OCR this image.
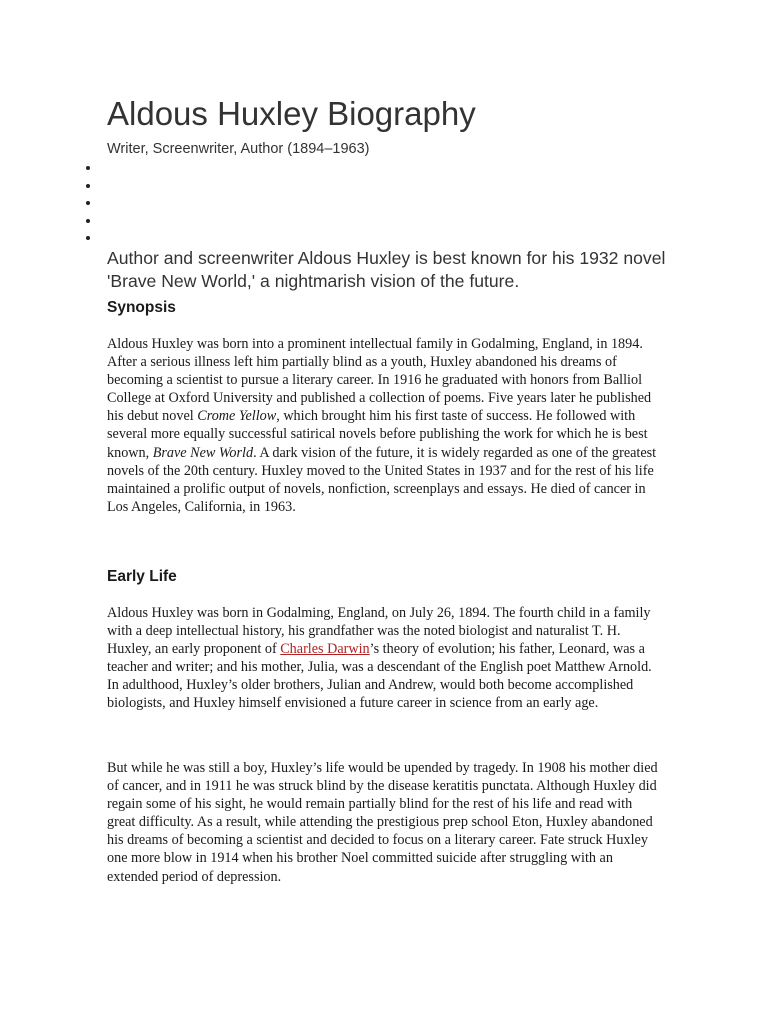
Aldous Huxley Biography

Writer, Screenwriter, Author (1894–1963)

Author and screenwriter Aldous Huxley is best known for his 1932 novel 'Brave New World,' a nightmarish vision of the future.

Synopsis

Aldous Huxley was born into a prominent intellectual family in Godalming, England, in 1894. After a serious illness left him partially blind as a youth, Huxley abandoned his dreams of becoming a scientist to pursue a literary career. In 1916 he graduated with honors from Balliol College at Oxford University and published a collection of poems. Five years later he published his debut novel Crome Yellow, which brought him his first taste of success. He followed with several more equally successful satirical novels before publishing the work for which he is best known, Brave New World. A dark vision of the future, it is widely regarded as one of the greatest novels of the 20th century. Huxley moved to the United States in 1937 and for the rest of his life maintained a prolific output of novels, nonfiction, screenplays and essays. He died of cancer in Los Angeles, California, in 1963.

Early Life

Aldous Huxley was born in Godalming, England, on July 26, 1894. The fourth child in a family with a deep intellectual history, his grandfather was the noted biologist and naturalist T. H. Huxley, an early proponent of Charles Darwin’s theory of evolution; his father, Leonard, was a teacher and writer; and his mother, Julia, was a descendant of the English poet Matthew Arnold. In adulthood, Huxley’s older brothers, Julian and Andrew, would both become accomplished biologists, and Huxley himself envisioned a future career in science from an early age.

But while he was still a boy, Huxley’s life would be upended by tragedy. In 1908 his mother died of cancer, and in 1911 he was struck blind by the disease keratitis punctata. Although Huxley did regain some of his sight, he would remain partially blind for the rest of his life and read with great difficulty. As a result, while attending the prestigious prep school Eton, Huxley abandoned his dreams of becoming a scientist and decided to focus on a literary career. Fate struck Huxley one more blow in 1914 when his brother Noel committed suicide after struggling with an extended period of depression.
